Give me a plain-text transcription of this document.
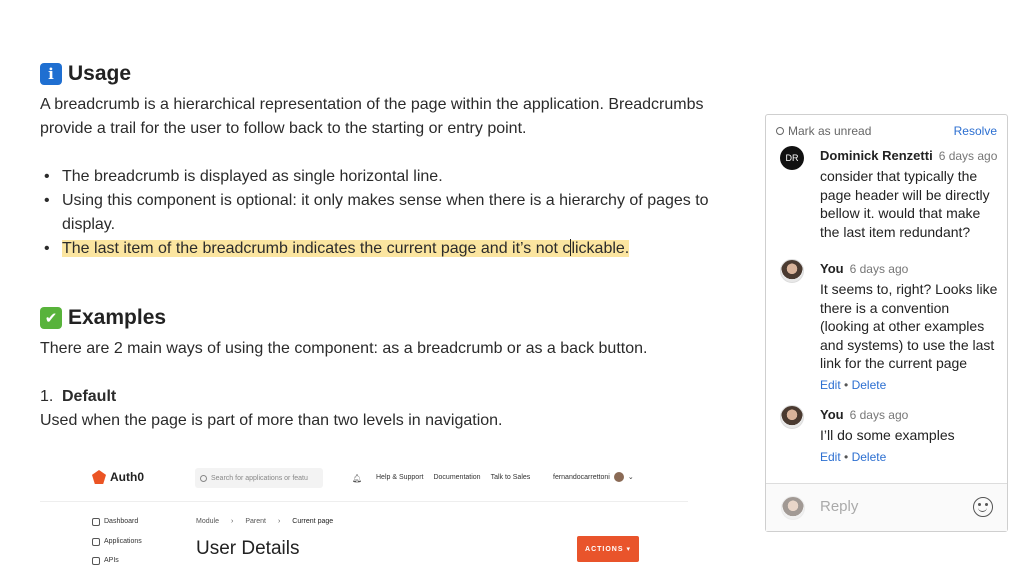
i Usage

A breadcrumb is a hierarchical representation of the page within the application. Breadcrumbs provide a trail for the user to follow back to the starting or entry point.

• The breadcrumb is displayed as single horizontal line.
• Using this component is optional: it only makes sense when there is a hierarchy of pages to display.
• The last item of the breadcrumb indicates the current page and it’s not clickable.
✔ Examples

There are 2 main ways of using the component: as a breadcrumb or as a back button.

1. Default

Used when the page is part of more than two levels in navigation.

Auth0	Search for applications or featu	🔔︎ Help & Support Documentation Talk to Sales	fernandocarrettoni	⌄
Dashboard
Applications
APIs
Module › Parent › Current page
User Details	ACTIONS ▾
Mark as unread	Resolve
DR	Dominick Renzetti 6 days ago
consider that typically the page header will be directly bellow it. would that make the last item redundant?
You 6 days ago
It seems to, right? Looks like there is a convention (looking at other examples and systems) to use the last link for the current page
Edit • Delete
You 6 days ago
I’ll do some examples
Edit • Delete
Reply
